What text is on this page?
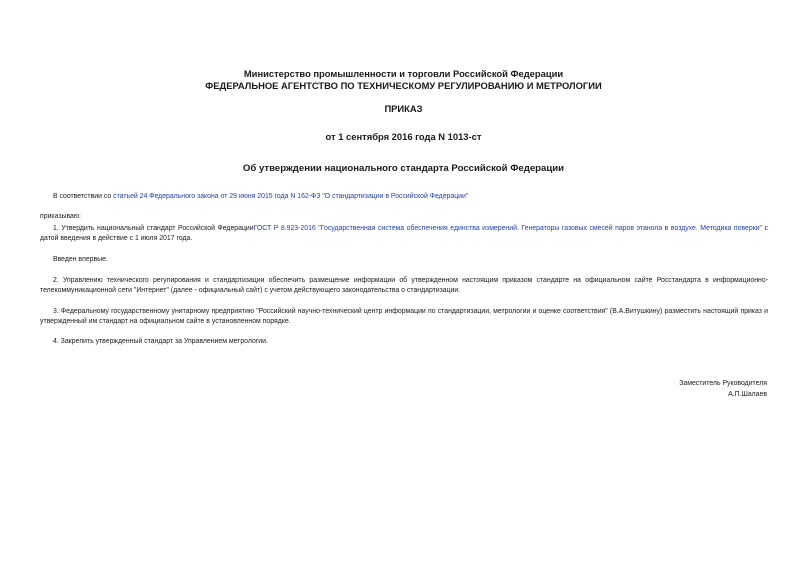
Министерство промышленности и торговли Российской Федерации
ФЕДЕРАЛЬНОЕ АГЕНТСТВО ПО ТЕХНИЧЕСКОМУ РЕГУЛИРОВАНИЮ И МЕТРОЛОГИИ
ПРИКАЗ
от 1 сентября 2016 года N 1013-ст
Об утверждении национального стандарта Российской Федерации
В соответствии со статьей 24 Федерального закона от 29 июня 2015 года N 162-ФЗ "О стандартизации в Российской Федерации"
приказываю:
1. Утвердить национальный стандарт Российской ФедерацииГОСТ Р 8.923-2016 "Государственная система обеспечения единства измерений. Генераторы газовых смесей паров этанола в воздухе. Методика поверки" с датой введения в действие с 1 июля 2017 года.
Введен впервые.
2. Управлению технического регулирования и стандартизации обеспечить размещение информации об утвержденном настоящим приказом стандарте на официальном сайте Росстандарта в информационно-телекоммуникационной сети "Интернет" (далее - официальный сайт) с учетом действующего законодательства о стандартизации.
3. Федеральному государственному унитарному предприятию "Российский научно-технический центр информации по стандартизации, метрологии и оценке соответствия" (В.А.Витушкину) разместить настоящий приказ и утвержденный им стандарт на официальном сайте в установленном порядке.
4. Закрепить утвержденный стандарт за Управлением метрологии.
Заместитель Руководителя
А.П.Шалаев
